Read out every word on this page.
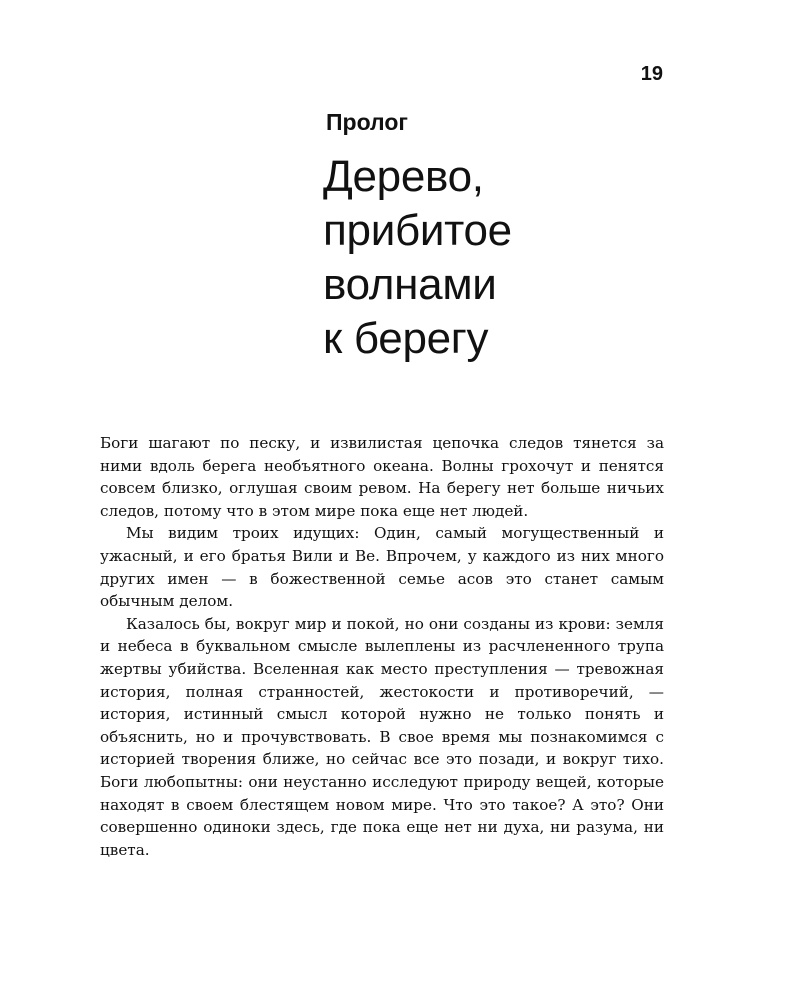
19
Пролог
Дерево,
прибитое
волнами
к берегу

Боги шагают по песку, и извилистая цепочка следов тянется за ними вдоль берега необъятного океана. Волны грохочут и пенятся совсем близко, оглушая своим ревом. На берегу нет больше ничьих следов, потому что в этом мире пока еще нет людей.

Мы видим троих идущих: Один, самый могущественный и ужасный, и его братья Вили и Ве. Впрочем, у каждого из них много других имен — в божественной семье асов это станет самым обычным делом.

Казалось бы, вокруг мир и покой, но они созданы из крови: земля и небеса в буквальном смысле вылеплены из расчлененного трупа жертвы убийства. Вселенная как место преступления — тревожная история, полная странностей, жестокости и противоречий, — история, истинный смысл которой нужно не только понять и объяснить, но и прочувствовать. В свое время мы познакомимся с историей творения ближе, но сейчас все это позади, и вокруг тихо. Боги любопытны: они неустанно исследуют природу вещей, которые находят в своем блестящем новом мире. Что это такое? А это? Они совершенно одиноки здесь, где пока еще нет ни духа, ни разума, ни цвета.
